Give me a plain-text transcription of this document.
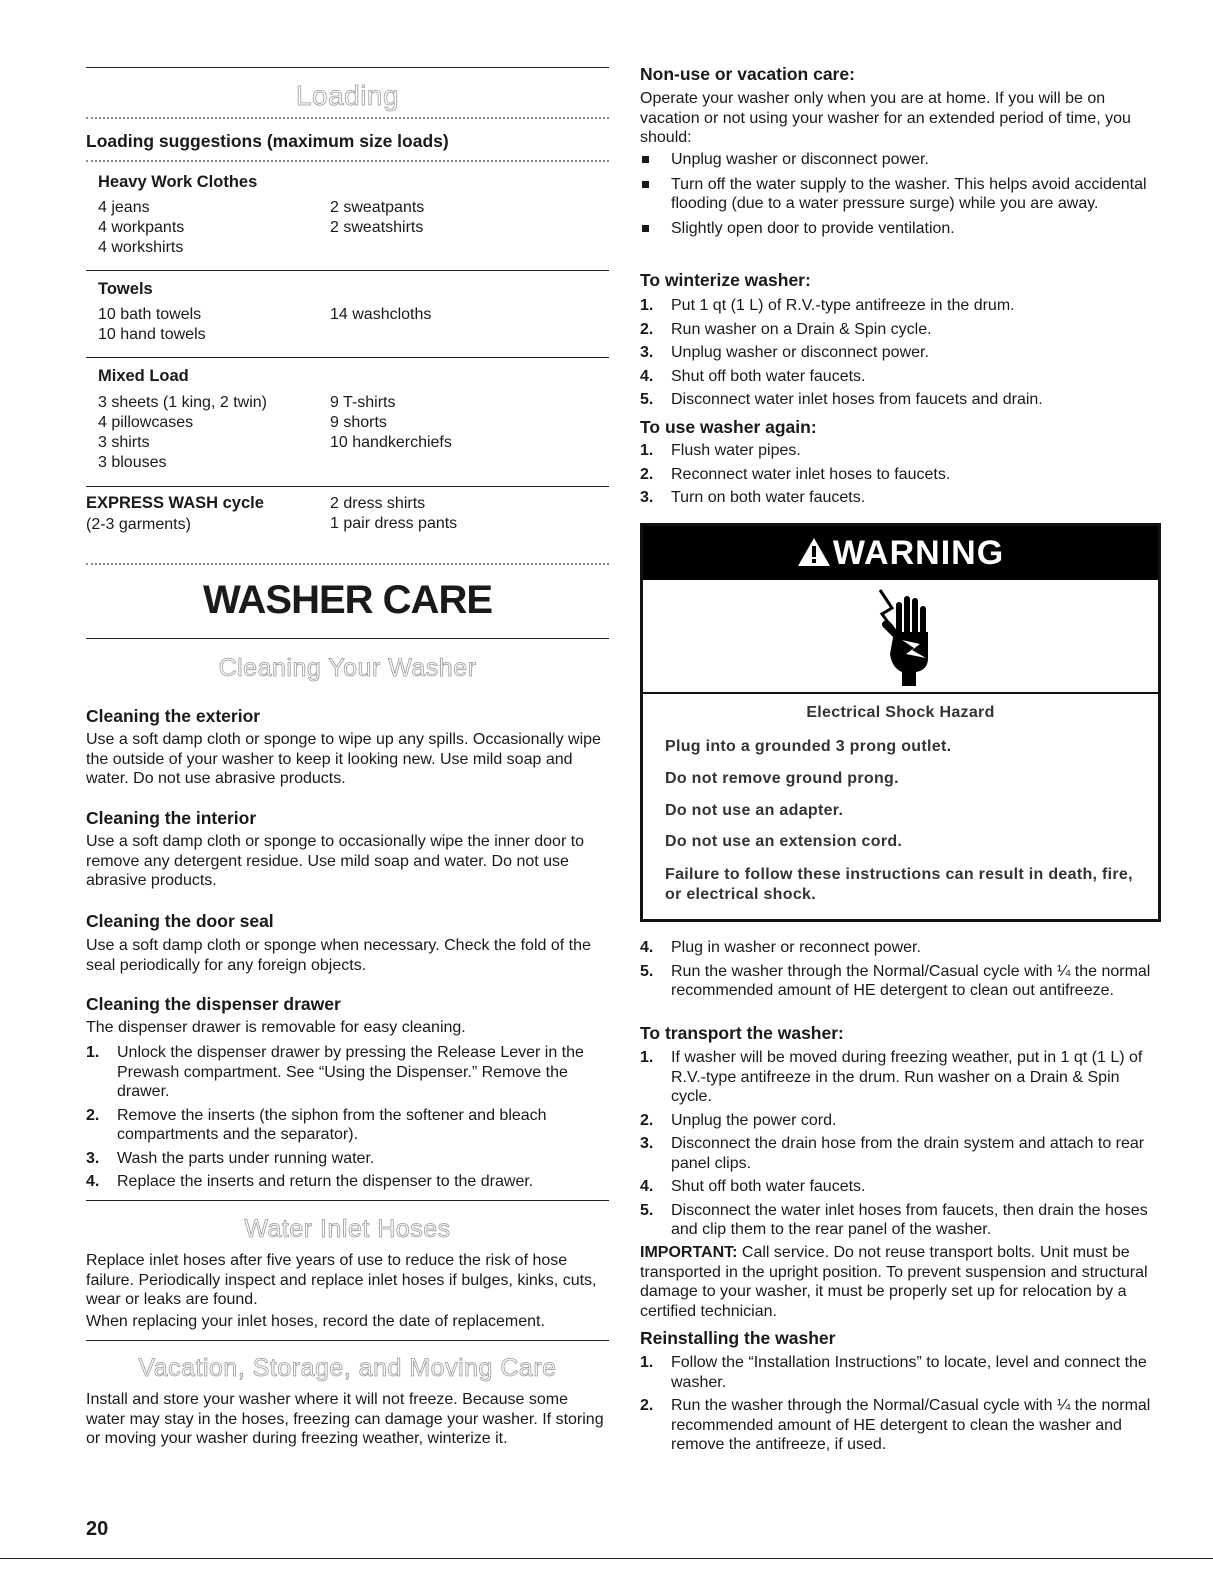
Loading
Loading suggestions (maximum size loads)
Heavy Work Clothes
4 jeans
4 workpants
4 workshirts
2 sweatpants
2 sweatshirts
Towels
10 bath towels
10 hand towels
14 washcloths
Mixed Load
3 sheets (1 king, 2 twin)
4 pillowcases
3 shirts
3 blouses
9 T-shirts
9 shorts
10 handkerchiefs
EXPRESS WASH cycle
(2-3 garments)
2 dress shirts
1 pair dress pants
WASHER CARE
Cleaning Your Washer
Cleaning the exterior
Use a soft damp cloth or sponge to wipe up any spills. Occasionally wipe the outside of your washer to keep it looking new. Use mild soap and water. Do not use abrasive products.
Cleaning the interior
Use a soft damp cloth or sponge to occasionally wipe the inner door to remove any detergent residue. Use mild soap and water. Do not use abrasive products.
Cleaning the door seal
Use a soft damp cloth or sponge when necessary. Check the fold of the seal periodically for any foreign objects.
Cleaning the dispenser drawer
The dispenser drawer is removable for easy cleaning.
1. Unlock the dispenser drawer by pressing the Release Lever in the Prewash compartment. See “Using the Dispenser.” Remove the drawer.
2. Remove the inserts (the siphon from the softener and bleach compartments and the separator).
3. Wash the parts under running water.
4. Replace the inserts and return the dispenser to the drawer.
Water Inlet Hoses
Replace inlet hoses after five years of use to reduce the risk of hose failure. Periodically inspect and replace inlet hoses if bulges, kinks, cuts, wear or leaks are found.
When replacing your inlet hoses, record the date of replacement.
Vacation, Storage, and Moving Care
Install and store your washer where it will not freeze. Because some water may stay in the hoses, freezing can damage your washer. If storing or moving your washer during freezing weather, winterize it.
20
Non-use or vacation care:
Operate your washer only when you are at home. If you will be on vacation or not using your washer for an extended period of time, you should:
Unplug washer or disconnect power.
Turn off the water supply to the washer. This helps avoid accidental flooding (due to a water pressure surge) while you are away.
Slightly open door to provide ventilation.
To winterize washer:
1. Put 1 qt (1 L) of R.V.-type antifreeze in the drum.
2. Run washer on a Drain & Spin cycle.
3. Unplug washer or disconnect power.
4. Shut off both water faucets.
5. Disconnect water inlet hoses from faucets and drain.
To use washer again:
1. Flush water pipes.
2. Reconnect water inlet hoses to faucets.
3. Turn on both water faucets.
WARNING
Electrical Shock Hazard
Plug into a grounded 3 prong outlet.
Do not remove ground prong.
Do not use an adapter.
Do not use an extension cord.
Failure to follow these instructions can result in death, fire, or electrical shock.
4. Plug in washer or reconnect power.
5. Run the washer through the Normal/Casual cycle with ¼ the normal recommended amount of HE detergent to clean out antifreeze.
To transport the washer:
1. If washer will be moved during freezing weather, put in 1 qt (1 L) of R.V.-type antifreeze in the drum. Run washer on a Drain & Spin cycle.
2. Unplug the power cord.
3. Disconnect the drain hose from the drain system and attach to rear panel clips.
4. Shut off both water faucets.
5. Disconnect the water inlet hoses from faucets, then drain the hoses and clip them to the rear panel of the washer.
IMPORTANT: Call service. Do not reuse transport bolts. Unit must be transported in the upright position. To prevent suspension and structural damage to your washer, it must be properly set up for relocation by a certified technician.
Reinstalling the washer
1. Follow the “Installation Instructions” to locate, level and connect the washer.
2. Run the washer through the Normal/Casual cycle with ¼ the normal recommended amount of HE detergent to clean the washer and remove the antifreeze, if used.
